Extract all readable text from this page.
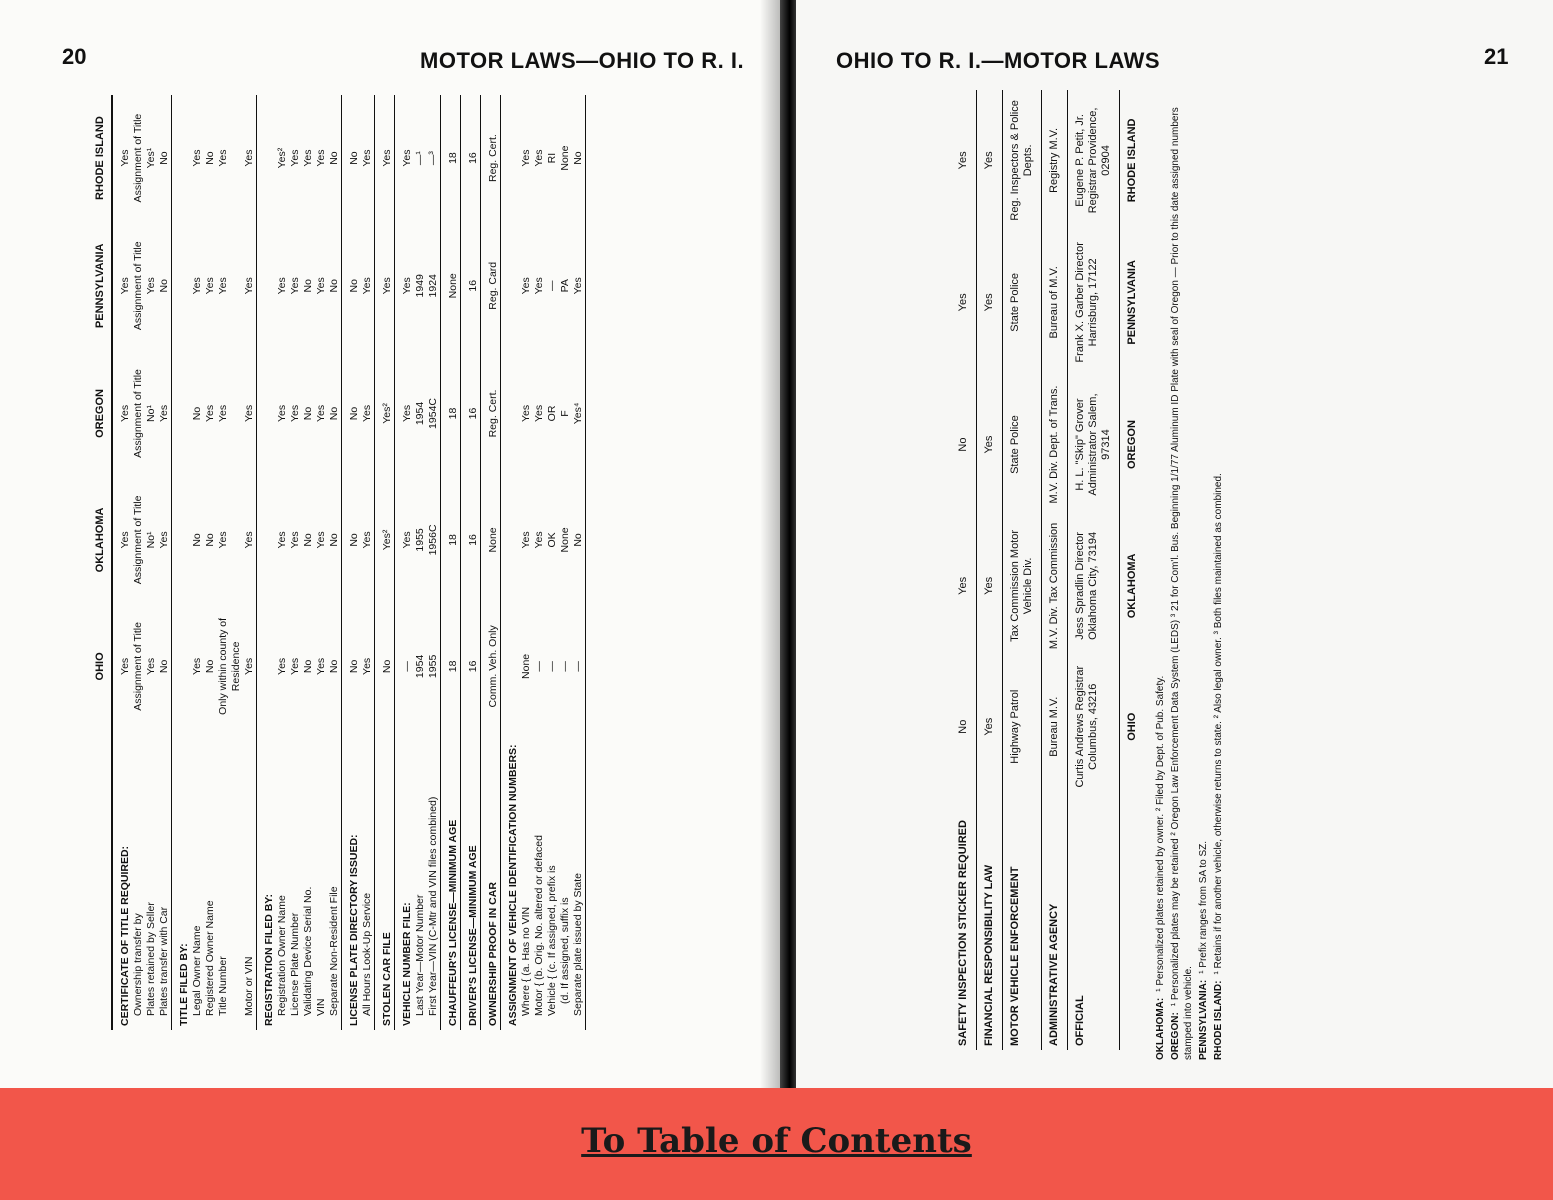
20	MOTOR LAWS—OHIO TO R. I.
	OHIO	OKLAHOMA	OREGON	PENNSYLVANIA	RHODE ISLAND
CERTIFICATE OF TITLE REQUIRED:	Yes	Yes	Yes	Yes	Yes
Ownership transfer by	Assignment of Title	Assignment of Title	Assignment of Title	Assignment of Title	Assignment of Title
Plates retained by Seller	Yes	No¹	No¹	Yes	Yes¹
Plates transfer with Car	No	Yes	Yes	No	No
TITLE FILED BY:					
Legal Owner Name	Yes	No	No	Yes	Yes
Registered Owner Name	No	No	Yes	Yes	No
Title Number	Only within county of Residence	Yes	Yes	Yes	Yes
Motor or VIN	Yes	Yes	Yes	Yes	Yes
REGISTRATION FILED BY:					
Registration Owner Name	Yes	Yes	Yes	Yes	Yes²
License Plate Number	Yes	Yes	Yes	Yes	Yes
Validating Device Serial No.	No	No	No	No	Yes
VIN	Yes	Yes	Yes	Yes	Yes
Separate Non-Resident File	No	No	No	No	No
LICENSE PLATE DIRECTORY ISSUED:	No	No	No	No	No
All Hours Look-Up Service	Yes	Yes	Yes	Yes	Yes
STOLEN CAR FILE	No	Yes²	Yes²	Yes	Yes
VEHICLE NUMBER FILE:	—	Yes	Yes	Yes	Yes
Last Year—Motor Number	1954	1955	1954	1949	—¹
First Year—VIN (C-Mtr and VIN files combined)	1955	1956C	1954C	1924	—³
CHAUFFEUR'S LICENSE—MINIMUM AGE	18	18	18	None	18
DRIVER'S LICENSE—MINIMUM AGE	16	16	16	16	16
OWNERSHIP PROOF IN CAR	Comm. Veh. Only	None	Reg. Cert.	Reg. Card	Reg. Cert.
ASSIGNMENT OF VEHICLE IDENTIFICATION NUMBERS:					
Where { (a. Has no VIN	None	Yes	Yes	Yes	Yes
Motor { (b. Orig. No. altered or defaced	—	Yes	Yes	Yes	Yes
Vehicle { (c. If assigned, prefix is	—	OK	OR	—	RI
(d. If assigned, suffix is	—	None	F	PA	None
Separate plate issued by State	—	No	Yes⁴	Yes	No
OHIO TO R. I.—MOTOR LAWS	21
SAFETY INSPECTION STICKER REQUIRED	No	Yes	No	Yes	Yes
FINANCIAL RESPONSIBILITY LAW	Yes	Yes	Yes	Yes	Yes
MOTOR VEHICLE ENFORCEMENT	Highway Patrol	Tax Commission Motor Vehicle Div.	State Police	State Police	Reg. Inspectors & Police Depts.
ADMINISTRATIVE AGENCY	Bureau M.V.	M.V. Div. Tax Commission	M.V. Div. Dept. of Trans.	Bureau of M.V.	Registry M.V.
OFFICIAL	Curtis Andrews Registrar Columbus, 43216	Jess Spradlin Director Oklahoma City, 73194	H. L. "Skip" Grover Administrator Salem, 97314	Frank X. Garber Director Harrisburg, 17122	Eugene P. Petit, Jr. Registrar Providence, 02904
	OHIO	OKLAHOMA	OREGON	PENNSYLVANIA	RHODE ISLAND
OKLAHOMA:¹ Personalized plates retained by owner. ² Filed by Dept. of Pub. Safety.
OREGON:¹ Personalized plates may be retained ² Oregon Law Enforcement Data System (LEDS) ³ 21 for Com'l. Bus. Beginning 1/1/77 Aluminum ID Plate with seal of Oregon — Prior to this date assigned numbers stamped into vehicle. PENNSYLVANIA:¹ Prefix ranges from SA to SZ.
RHODE ISLAND:¹ Retains if for another vehicle, otherwise returns to state. ² Also legal owner. ³ Both files maintained as combined.
To Table of Contents
